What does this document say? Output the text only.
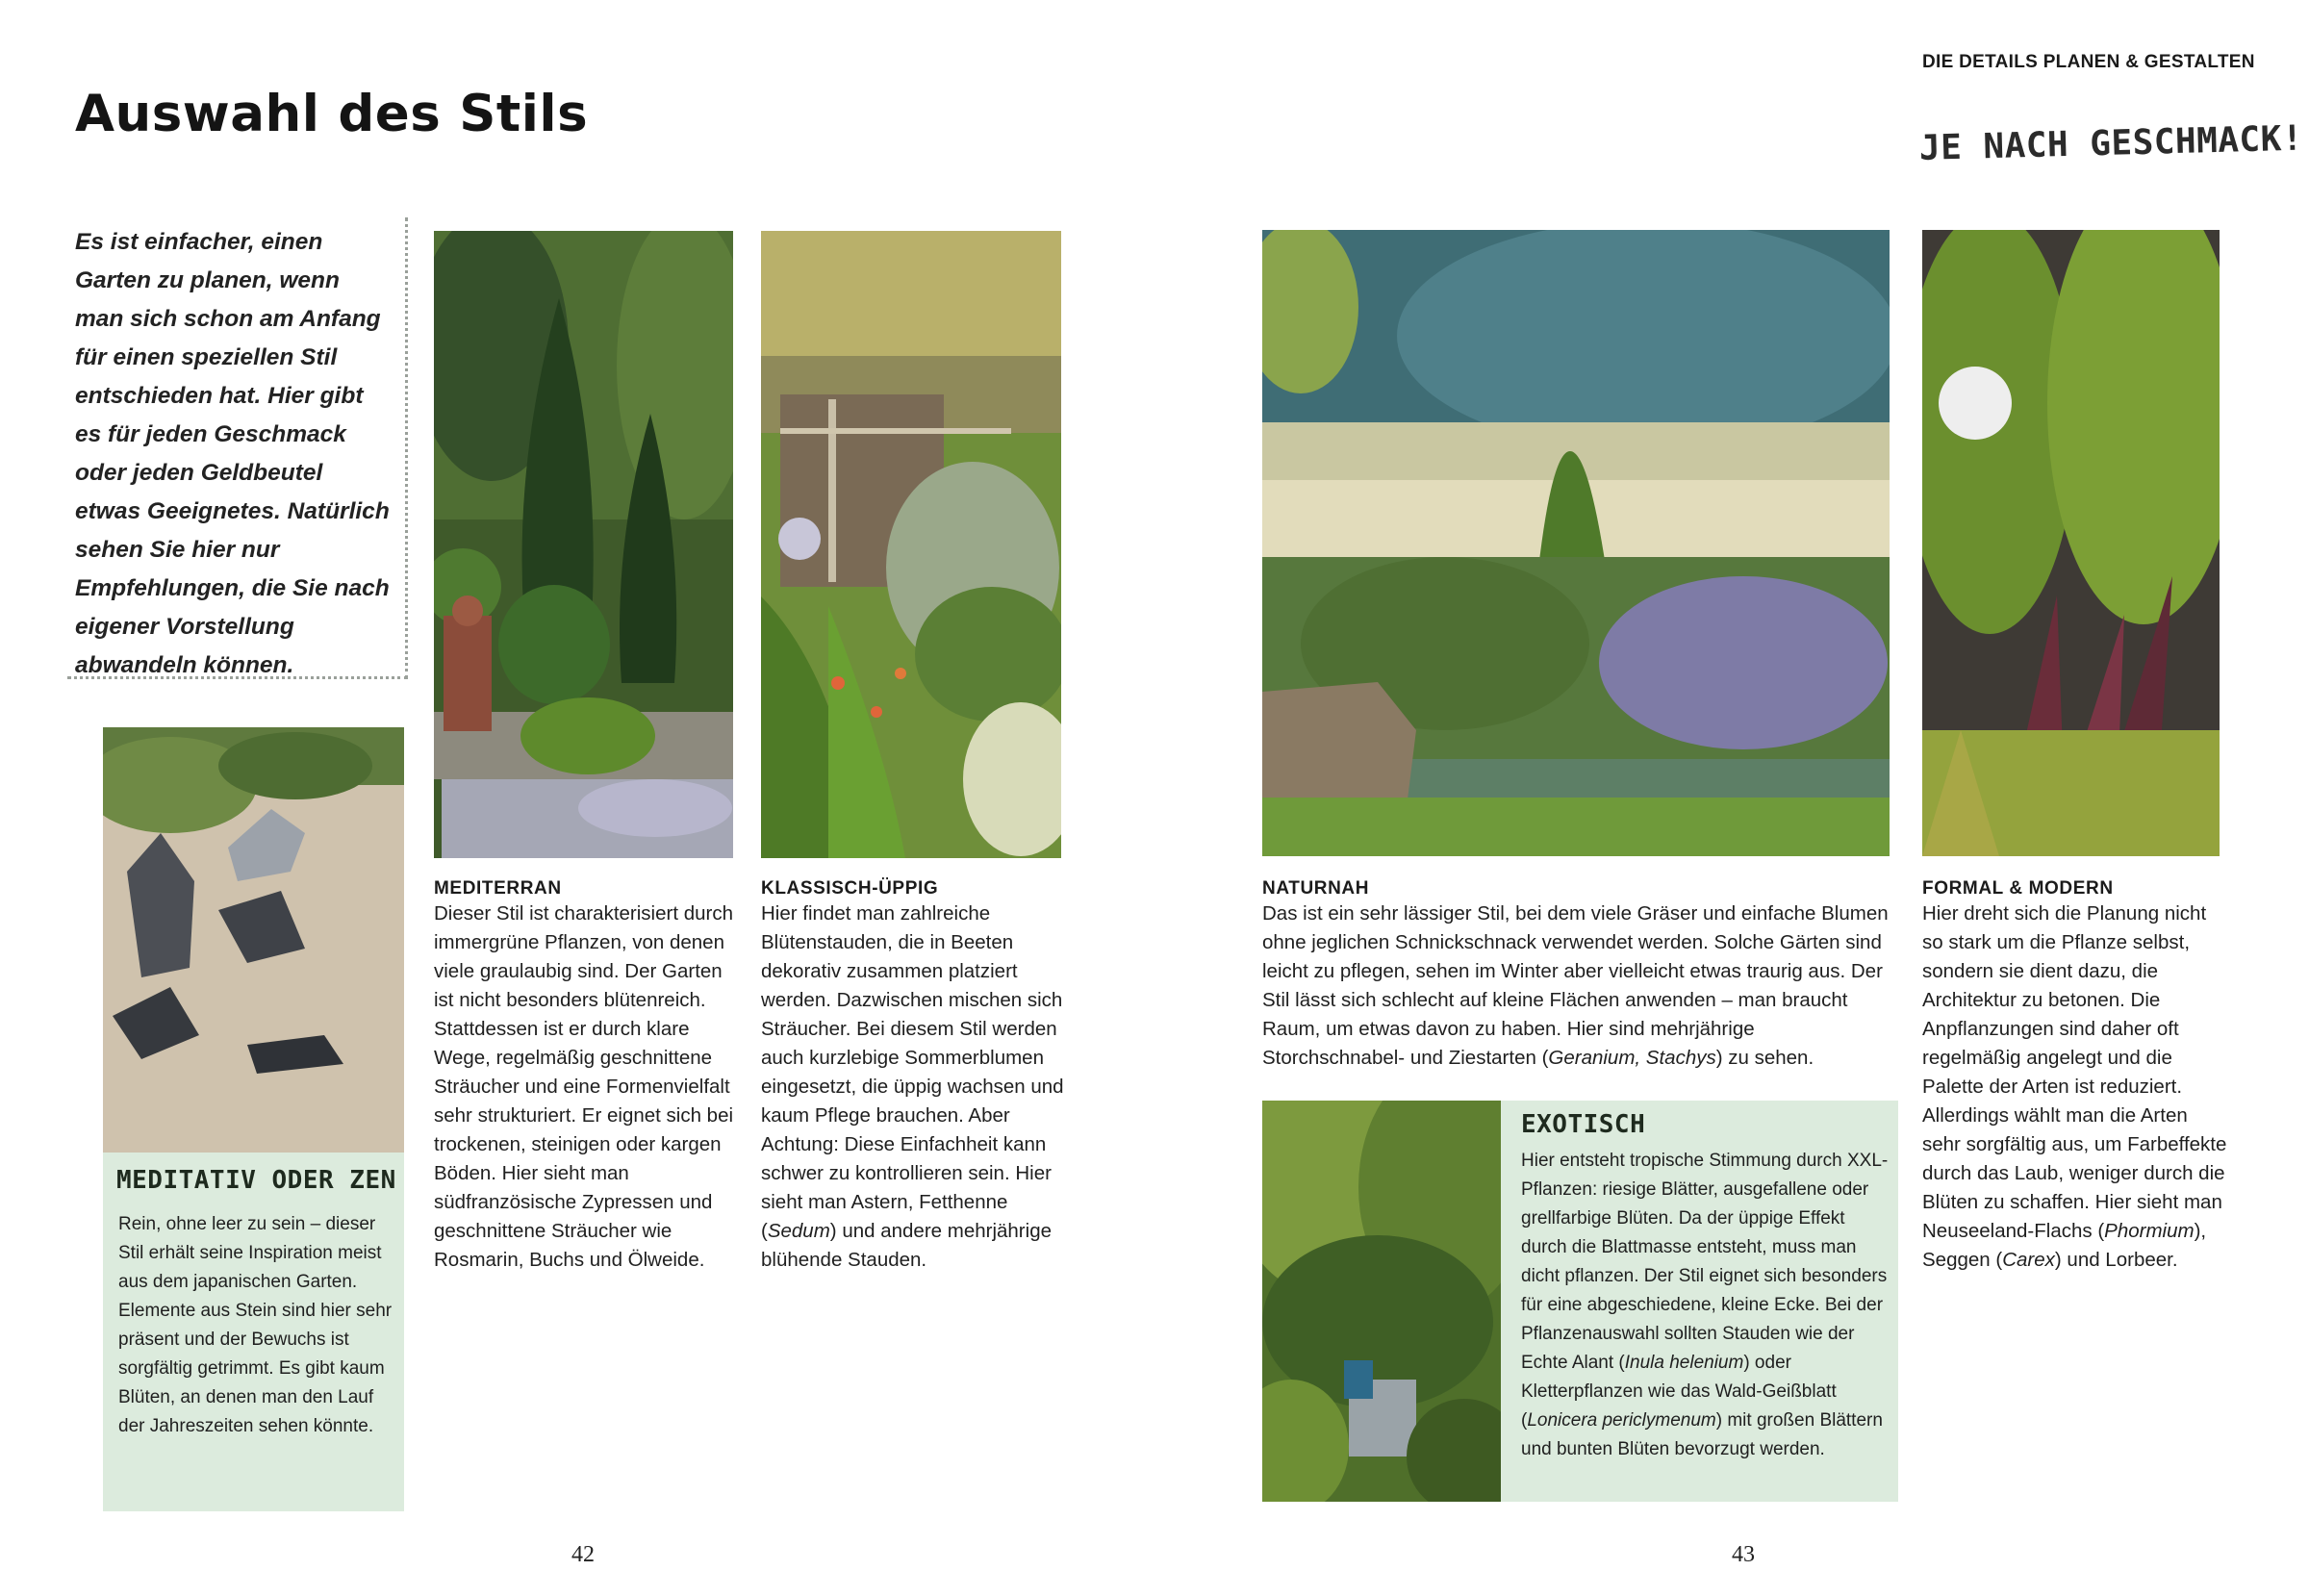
Auswahl des Stils

Es ist einfacher, einen Garten zu planen, wenn man sich schon am Anfang für einen speziellen Stil entschieden hat. Hier gibt es für jeden Geschmack oder jeden Geldbeutel etwas Geeignetes. Natürlich sehen Sie hier nur Empfehlungen, die Sie nach eigener Vorstellung abwandeln können.

MEDITATIV ODER ZEN

Rein, ohne leer zu sein – dieser Stil erhält seine Inspiration meist aus dem japanischen Garten. Elemente aus Stein sind hier sehr präsent und der Bewuchs ist sorgfältig getrimmt. Es gibt kaum Blüten, an denen man den Lauf der Jahreszeiten sehen könnte.

MEDITERRAN

Dieser Stil ist charakterisiert durch immergrüne Pflanzen, von denen viele graulaubig sind. Der Garten ist nicht besonders blütenreich. Stattdessen ist er durch klare Wege, regelmäßig geschnittene Sträucher und eine Formenvielfalt sehr strukturiert. Er eignet sich bei trockenen, steinigen oder kargen Böden. Hier sieht man südfranzösische Zypressen und geschnittene Sträucher wie Rosmarin, Buchs und Ölweide.

KLASSISCH-ÜPPIG

Hier findet man zahlreiche Blütenstauden, die in Beeten dekorativ zusammen platziert werden. Dazwischen mischen sich Sträucher. Bei diesem Stil werden auch kurzlebige Sommerblumen eingesetzt, die üppig wachsen und kaum Pflege brauchen. Aber Achtung: Diese Einfachheit kann schwer zu kontrollieren sein. Hier sieht man Astern, Fetthenne (Sedum) und andere mehrjährige blühende Stauden.

42
DIE DETAILS PLANEN & GESTALTEN
JE NACH GESCHMACK!
NATURNAH

Das ist ein sehr lässiger Stil, bei dem viele Gräser und einfache Blumen ohne jeglichen Schnickschnack verwendet werden. Solche Gärten sind leicht zu pflegen, sehen im Winter aber vielleicht etwas traurig aus. Der Stil lässt sich schlecht auf kleine Flächen anwenden – man braucht Raum, um etwas davon zu haben. Hier sind mehrjährige Storchschnabel- und Ziestarten (Geranium, Stachys) zu sehen.

FORMAL & MODERN

Hier dreht sich die Planung nicht so stark um die Pflanze selbst, sondern sie dient dazu, die Architektur zu betonen. Die Anpflanzungen sind daher oft regelmäßig angelegt und die Palette der Arten ist reduziert. Allerdings wählt man die Arten sehr sorgfältig aus, um Farbeffekte durch das Laub, weniger durch die Blüten zu schaffen. Hier sieht man Neuseeland-Flachs (Phormium), Seggen (Carex) und Lorbeer.

EXOTISCH

Hier entsteht tropische Stimmung durch XXL-Pflanzen: riesige Blätter, ausgefallene oder grellfarbige Blüten. Da der üppige Effekt durch die Blattmasse entsteht, muss man dicht pflanzen. Der Stil eignet sich besonders für eine abgeschiedene, kleine Ecke. Bei der Pflanzenauswahl sollten Stauden wie der Echte Alant (Inula helenium) oder Kletterpflanzen wie das Wald-Geißblatt (Lonicera periclymenum) mit großen Blättern und bunten Blüten bevorzugt werden.

43
